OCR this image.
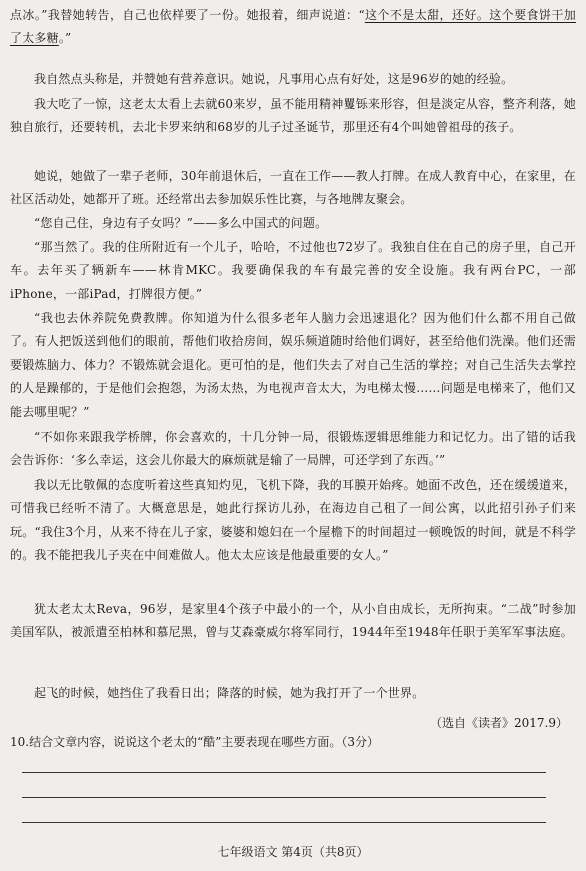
点冰。”我替她转告，自己也依样要了一份。她报着，细声说道：“这个不是太甜，还好。这个要食饼干加了太多糖。”

我自然点头称是，并赞她有营养意识。她说，凡事用心点有好处，这是96岁的她的经验。

我大吃了一惊，这老太太看上去就60来岁，虽不能用精神矍铄来形容，但是淡定从容，整齐利落，她独自旅行，还要转机，去北卡罗来纳和68岁的儿子过圣诞节，那里还有4个叫她曾祖母的孩子。

她说，她做了一辈子老师，30年前退休后，一直在工作——教人打牌。在成人教育中心，在家里，在社区活动处，她都开了班。还经常出去参加娱乐性比赛，与各地牌友聚会。

“您自己住，身边有子女吗？”——多么中国式的问题。

“那当然了。我的住所附近有一个儿子，哈哈，不过他也72岁了。我独自住在自己的房子里，自己开车。去年买了辆新车——林肯MKC。我要确保我的车有最完善的安全设施。我有两台PC，一部iPhone，一部iPad，打牌很方便。”

“我也去休养院免费教牌。你知道为什么很多老年人脑力会迅速退化？因为他们什么都不用自己做了。有人把饭送到他们的眼前，帮他们收拾房间，娱乐频道随时给他们调好，甚至给他们洗澡。他们还需要锻炼脑力、体力？不锻炼就会退化。更可怕的是，他们失去了对自己生活的掌控；对自己生活失去掌控的人是躁郁的，于是他们会抱怨，为汤太热，为电视声音太大，为电梯太慢……问题是电梯来了，他们又能去哪里呢？”

“不如你来跟我学桥牌，你会喜欢的，十几分钟一局，很锻炼逻辑思维能力和记忆力。出了错的话我会告诉你：‘多么幸运，这会儿你最大的麻烦就是输了一局牌，可还学到了东西。’”

我以无比敬佩的态度听着这些真知灼见，飞机下降，我的耳膜开始疼。她面不改色，还在缓缓道来，可惜我已经听不清了。大概意思是，她此行探访儿孙，在海边自己租了一间公寓，以此招引孙子们来玩。“我住3个月，从来不待在儿子家，婆婆和媳妇在一个屋檐下的时间超过一顿晚饭的时间，就是不科学的。我不能把我儿子夹在中间难做人。他太太应该是他最重要的女人。”

犹太老太太Reva，96岁，是家里4个孩子中最小的一个，从小自由成长，无所拘束。“二战”时参加美国军队，被派遣至柏林和慕尼黑，曾与艾森豪威尔将军同行，1944年至1948年任职于美军军事法庭。

起飞的时候，她挡住了我看日出；降落的时候，她为我打开了一个世界。

（选自《读者》2017.9）
10.结合文章内容，说说这个老太的“酷”主要表现在哪些方面。（3分）
七年级语文 第4页（共8页）
